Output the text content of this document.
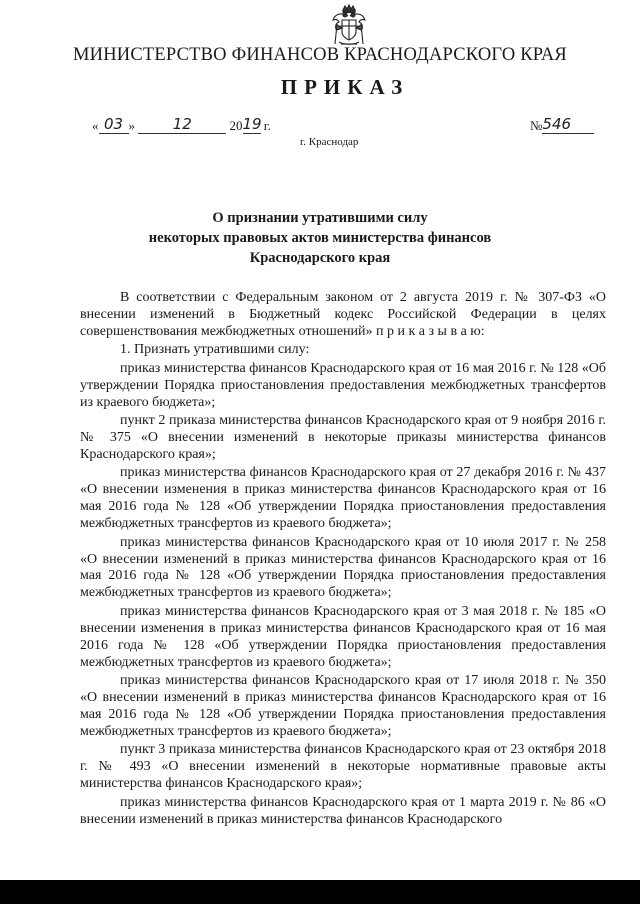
МИНИСТЕРСТВО ФИНАНСОВ КРАСНОДАРСКОГО КРАЯ
ПРИКАЗ
« 03 »	12	2019 г.	№546
г. Краснодар
О признании утратившими силу
некоторых правовых актов министерства финансов
Краснодарского края

В соответствии с Федеральным законом от 2 августа 2019 г. № 307-ФЗ «О внесении изменений в Бюджетный кодекс Российской Федерации в целях совершенствования межбюджетных отношений» п р и к а з ы в а ю:

1. Признать утратившими силу:

приказ министерства финансов Краснодарского края от 16 мая 2016 г. № 128 «Об утверждении Порядка приостановления предоставления межбюджетных трансфертов из краевого бюджета»;

пункт 2 приказа министерства финансов Краснодарского края от 9 ноября 2016 г. № 375 «О внесении изменений в некоторые приказы министерства финансов Краснодарского края»;

приказ министерства финансов Краснодарского края от 27 декабря 2016 г. № 437 «О внесении изменения в приказ министерства финансов Краснодарского края от 16 мая 2016 года № 128 «Об утверждении Порядка приостановления предоставления межбюджетных трансфертов из краевого бюджета»;

приказ министерства финансов Краснодарского края от 10 июля 2017 г. № 258 «О внесении изменений в приказ министерства финансов Краснодарского края от 16 мая 2016 года № 128 «Об утверждении Порядка приостановления предоставления межбюджетных трансфертов из краевого бюджета»;

приказ министерства финансов Краснодарского края от 3 мая 2018 г. № 185 «О внесении изменения в приказ министерства финансов Краснодарского края от 16 мая 2016 года № 128 «Об утверждении Порядка приостановления предоставления межбюджетных трансфертов из краевого бюджета»;

приказ министерства финансов Краснодарского края от 17 июля 2018 г. № 350 «О внесении изменений в приказ министерства финансов Краснодарского края от 16 мая 2016 года № 128 «Об утверждении Порядка приостановления предоставления межбюджетных трансфертов из краевого бюджета»;

пункт 3 приказа министерства финансов Краснодарского края от 23 октября 2018 г. № 493 «О внесении изменений в некоторые нормативные правовые акты министерства финансов Краснодарского края»;

приказ министерства финансов Краснодарского края от 1 марта 2019 г. № 86 «О внесении изменений в приказ министерства финансов Краснодарского
